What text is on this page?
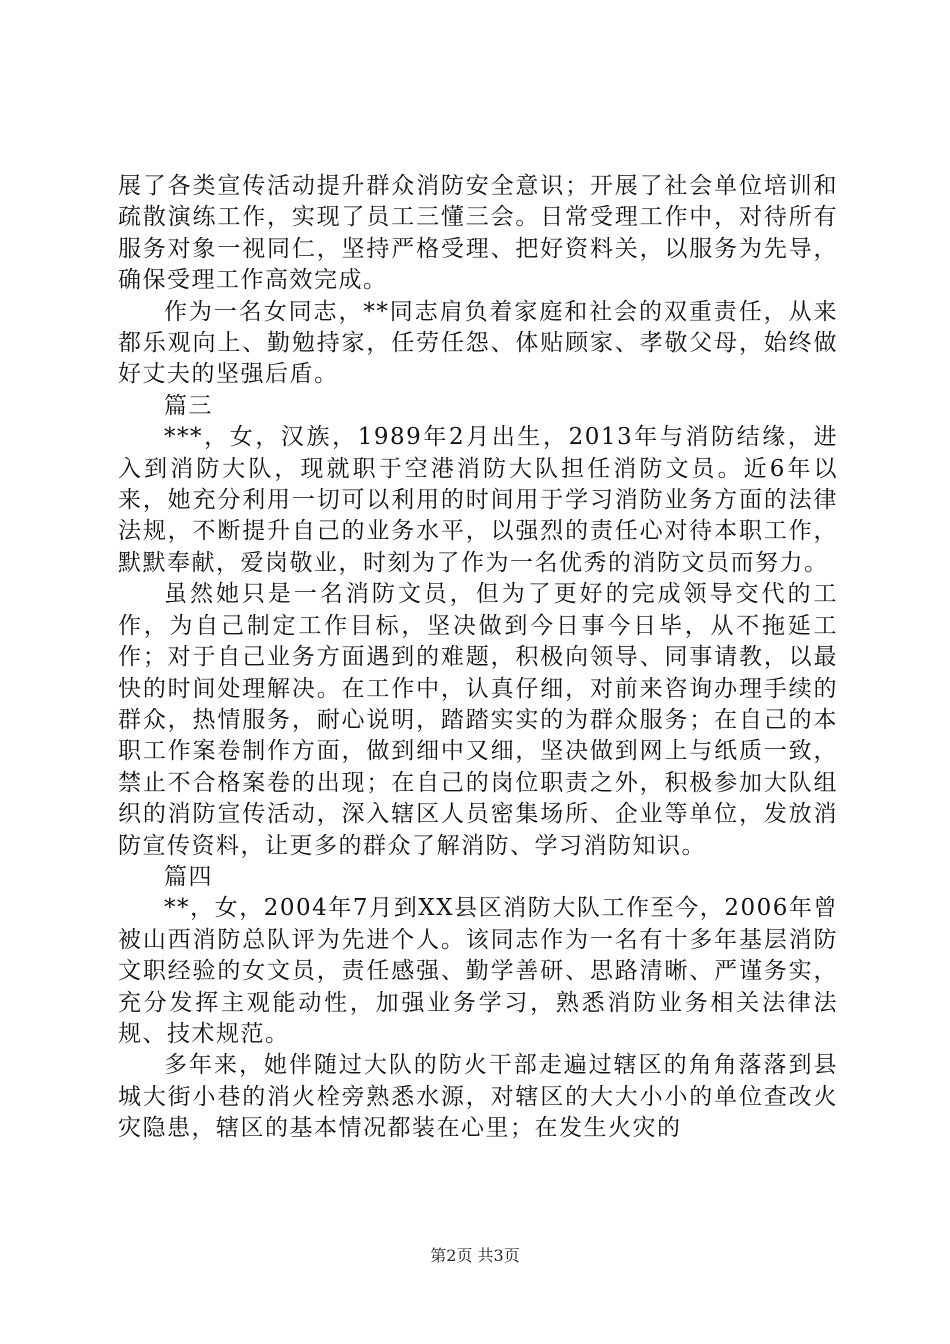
展了各类宣传活动提升群众消防安全意识；开展了社会单位培训和疏散演练工作，实现了员工三懂三会。日常受理工作中，对待所有服务对象一视同仁，坚持严格受理、把好资料关，以服务为先导，确保受理工作高效完成。

作为一名女同志，**同志肩负着家庭和社会的双重责任，从来都乐观向上、勤勉持家，任劳任怨、体贴顾家、孝敬父母，始终做好丈夫的坚强后盾。

篇三

***，女，汉族，1989年2月出生，2013年与消防结缘，进入到消防大队，现就职于空港消防大队担任消防文员。近6年以来，她充分利用一切可以利用的时间用于学习消防业务方面的法律法规，不断提升自己的业务水平，以强烈的责任心对待本职工作，默默奉献，爱岗敬业，时刻为了作为一名优秀的消防文员而努力。

虽然她只是一名消防文员，但为了更好的完成领导交代的工作，为自己制定工作目标，坚决做到今日事今日毕，从不拖延工作；对于自己业务方面遇到的难题，积极向领导、同事请教，以最快的时间处理解决。在工作中，认真仔细，对前来咨询办理手续的群众，热情服务，耐心说明，踏踏实实的为群众服务；在自己的本职工作案卷制作方面，做到细中又细，坚决做到网上与纸质一致，禁止不合格案卷的出现；在自己的岗位职责之外，积极参加大队组织的消防宣传活动，深入辖区人员密集场所、企业等单位，发放消防宣传资料，让更多的群众了解消防、学习消防知识。

篇四

**，女，2004年7月到XX县区消防大队工作至今，2006年曾被山西消防总队评为先进个人。该同志作为一名有十多年基层消防文职经验的女文员，责任感强、勤学善研、思路清晰、严谨务实，充分发挥主观能动性，加强业务学习，熟悉消防业务相关法律法规、技术规范。

多年来，她伴随过大队的防火干部走遍过辖区的角角落落到县城大街小巷的消火栓旁熟悉水源，对辖区的大大小小的单位查改火灾隐患，辖区的基本情况都装在心里；在发生火灾的

第2页 共3页
